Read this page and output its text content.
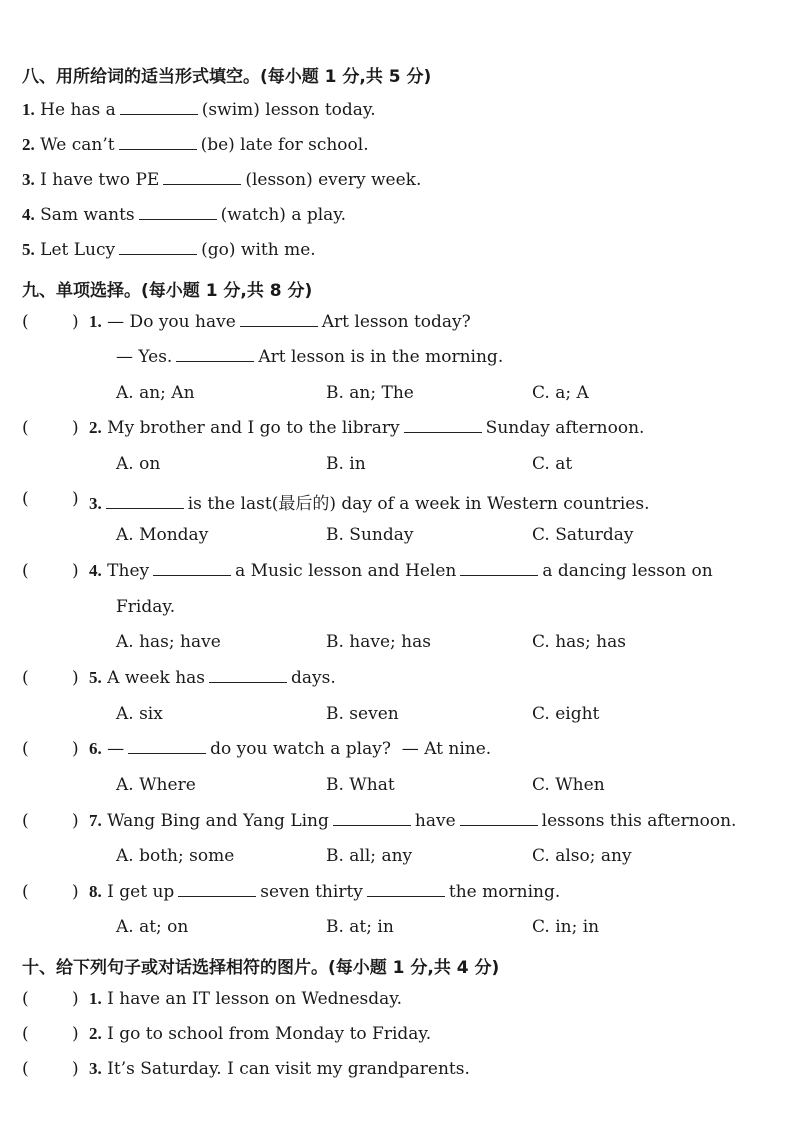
八、用所给词的适当形式填空。(每小题 1 分,共 5 分)
1. He has a	(swim) lesson today.
2. We can’t	(be) late for school.
3. I have two PE	(lesson) every week.
4. Sam wants	(watch) a play.
5. Let Lucy	(go) with me.
九、单项选择。(每小题 1 分,共 8 分)
(	) 1. — Do you have	Art lesson today?
— Yes.	Art lesson is in the morning.
A. an; An	B. an; The	C. a; A
(	) 2. My brother and I go to the library	Sunday afternoon.
A. on	B. in	C. at
(	) 3.	is the last(最后的) day of a week in Western countries.
A. Monday	B. Sunday	C. Saturday
(	) 4. They	a Music lesson and Helen	a dancing lesson on
Friday.
A. has; have	B. have; has	C. has; has
(	) 5. A week has	days.
A. six	B. seven	C. eight
(	) 6. —	do you watch a play? — At nine.
A. Where	B. What	C. When
(	) 7. Wang Bing and Yang Ling	have	lessons this afternoon.
A. both; some	B. all; any	C. also; any
(	) 8. I get up	seven thirty	the morning.
A. at; on	B. at; in	C. in; in
十、给下列句子或对话选择相符的图片。(每小题 1 分,共 4 分)
(	) 1. I have an IT lesson on Wednesday.
(	) 2. I go to school from Monday to Friday.
(	) 3. It’s Saturday. I can visit my grandparents.
